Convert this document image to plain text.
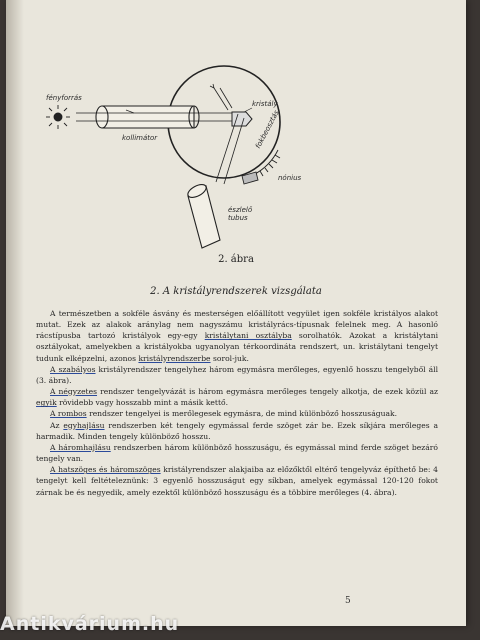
fényforrás
kristály
kollimátor	fokbeosztás
nónius
észlelő
tubus
2. ábra
2. A kristályrendszerek vizsgálata

A természetben a sokféle ásvány és mesterségen előállított vegyület igen sokféle kristályos alakot mutat. Ezek az alakok aránylag nem nagyszámu kristályrács-típusnak felelnek meg. A hasonló rácstípusba tartozó kristályok egy-egy kristálytani osztályba sorolhatók. Azokat a kristálytani osztályokat, amelyekben a kristályokba ugyanolyan térkoordináta rendszert, un. kristálytani tengelyt tudunk elképzelni, azonos kristályrendszerbe sorol-juk.

A szabályos kristályrendszer tengelyhez három egymásra merőleges, egyenlő hosszu tengelyből áll (3. ábra).

A négyzetes rendszer tengelyvázát is három egymásra merőleges tengely alkotja, de ezek közül az egyik rövidebb vagy hosszabb mint a másik kettő.

A rombos rendszer tengelyei is merőlegesek egymásra, de mind különböző hosszuságuak.

Az egyhajlásu rendszerben két tengely egymással ferde szöget zár be. Ezek síkjára merőleges a harmadik. Minden tengely különböző hosszu.

A háromhajlásu rendszerben három különböző hosszuságu, és egymással mind ferde szöget bezáró tengely van.

A hatszöges és háromszöges kristályrendszer alakjaiba az előzőktől eltérő tengelyváz építhető be: 4 tengelyt kell feltételeznünk: 3 egyenlő hosszuságut egy síkban, amelyek egymással 120-120 fokot zárnak be és negyedik, amely ezektől különböző hosszuságu és a többire merőleges (4. ábra).

5
Antikvárium.hu
